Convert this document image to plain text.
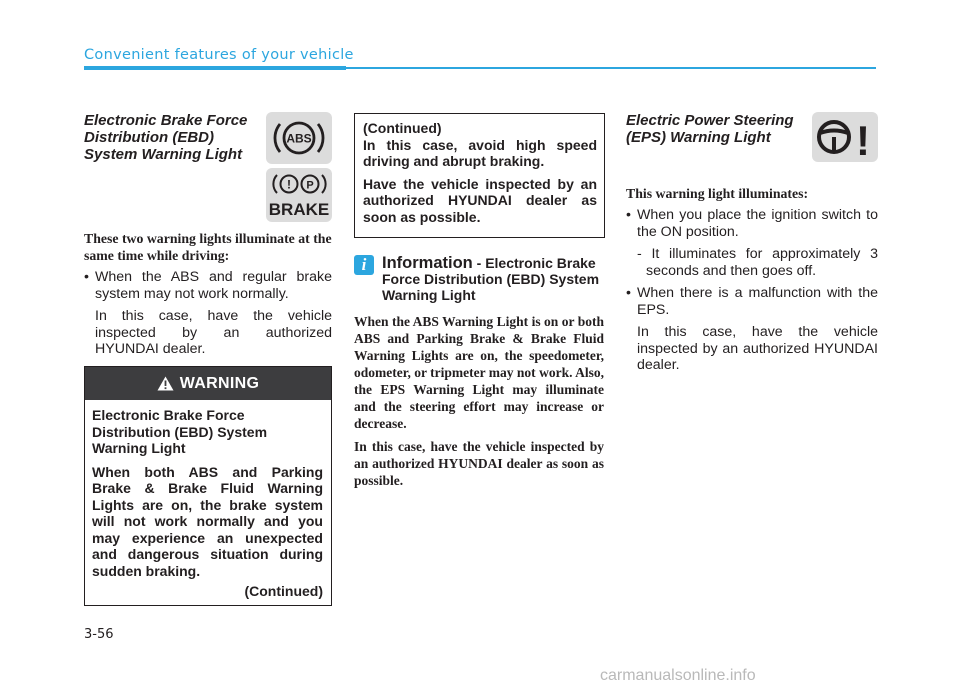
Convenient features of your vehicle
Electronic Brake Force
Distribution (EBD)
System Warning Light
ABS
! P
BRAKE

These two warning lights illuminate at the same time while driving:

• When the ABS and regular brake system may not work normally.

In this case, have the vehicle inspected by an authorized HYUNDAI dealer.

WARNING

Electronic Brake Force Distribution (EBD) System Warning Light

When both ABS and Parking Brake & Brake Fluid Warning Lights are on, the brake system will not work normally and you may experience an unexpected and dangerous situation during sudden braking.

(Continued)

(Continued)

In this case, avoid high speed driving and abrupt braking.

Have the vehicle inspected by an authorized HYUNDAI dealer as soon as possible.

i Information - Electronic Brake Force Distribution (EBD) System Warning Light

When the ABS Warning Light is on or both ABS and Parking Brake & Brake Fluid Warning Lights are on, the speedometer, odometer, or tripmeter may not work. Also, the EPS Warning Light may illuminate and the steering effort may increase or decrease.

In this case, have the vehicle inspected by an authorized HYUNDAI dealer as soon as possible.

Electric Power Steering
(EPS) Warning Light	!

This warning light illuminates:

• When you place the ignition switch to the ON position.

- It illuminates for approximately 3 seconds and then goes off.

• When there is a malfunction with the EPS.

In this case, have the vehicle inspected by an authorized HYUNDAI dealer.

3-56
carmanualsonline.info
